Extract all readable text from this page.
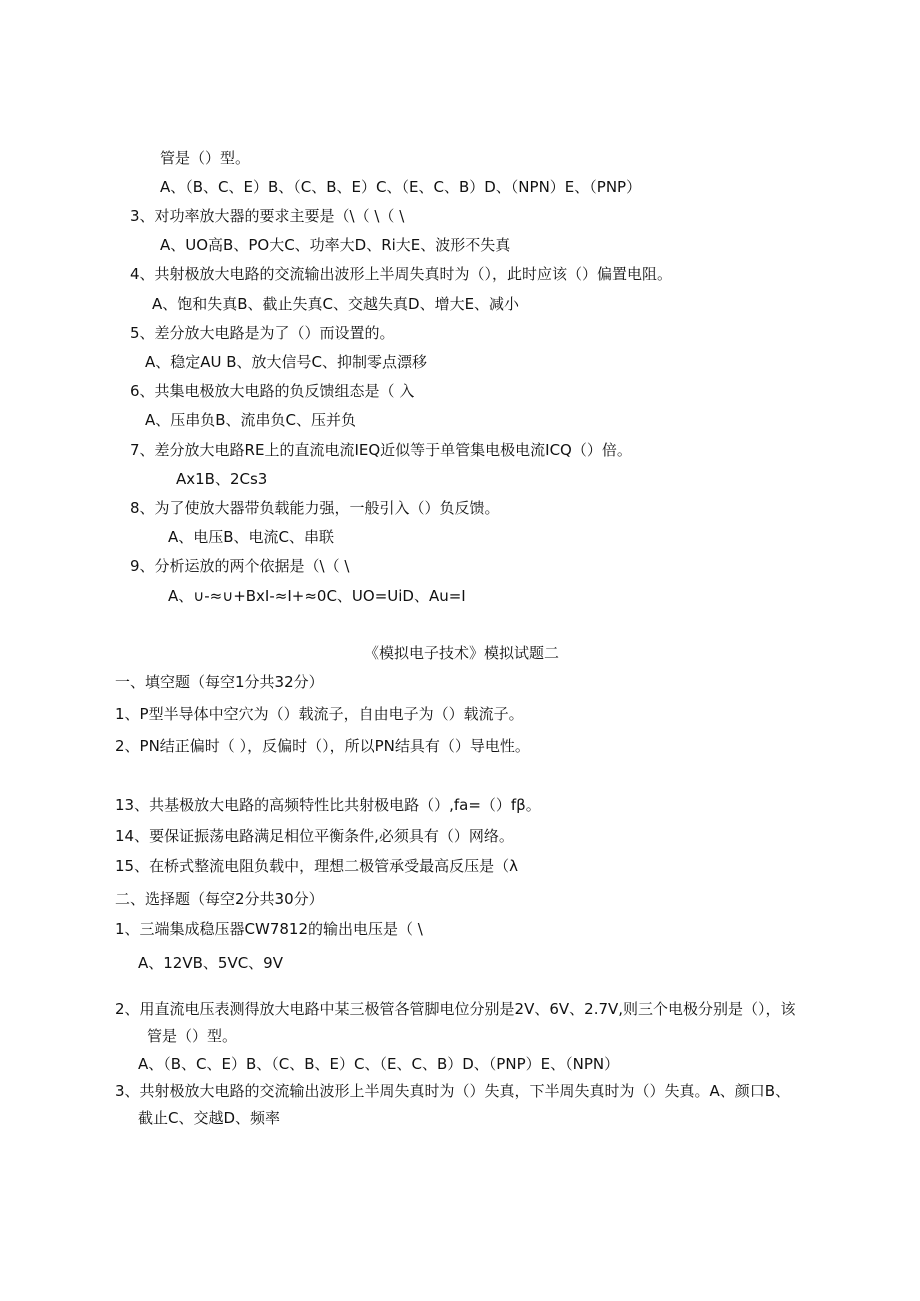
管是（）型。
A、（B、C、E）B、（C、B、E）C、（E、C、B）D、（NPN）E、（PNP）
3、对功率放大器的要求主要是（\（ \（ \
A、UO高B、PO大C、功率大D、Ri大E、波形不失真
4、共射极放大电路的交流输出波形上半周失真时为（），此时应该（）偏置电阻。
A、饱和失真B、截止失真C、交越失真D、增大E、减小
5、差分放大电路是为了（）而设置的。
A、稳定AU B、放大信号C、抑制零点漂移
6、共集电极放大电路的负反馈组态是（ 入
A、压串负B、流串负C、压并负
7、差分放大电路RE上的直流电流IEQ近似等于单管集电极电流ICQ（）倍。
Ax1B、2Cs3
8、为了使放大器带负载能力强，一般引入（）负反馈。
A、电压B、电流C、串联
9、分析运放的两个依据是（\（ \
A、∪-≈∪+BxI-≈I+≈0C、UO=UiD、Au=I
《模拟电子技术》模拟试题二
一、填空题（每空1分共32分）
1、P型半导体中空穴为（）载流子，自由电子为（）载流子。
2、PN结正偏时（ ），反偏时（），所以PN结具有（）导电性。
13、共基极放大电路的高频特性比共射极电路（）,fa=（）fβ。
14、要保证振荡电路满足相位平衡条件,必须具有（）网络。
15、在桥式整流电阻负载中，理想二极管承受最高反压是（λ
二、选择题（每空2分共30分）
1、三端集成稳压器CW7812的输出电压是（ \
A、12VB、5VC、9V
2、用直流电压表测得放大电路中某三极管各管脚电位分别是2V、6V、2.7V,则三个电极分别是（），该
管是（）型。
A、（B、C、E）B、（C、B、E）C、（E、C、B）D、（PNP）E、（NPN）
3、共射极放大电路的交流输出波形上半周失真时为（）失真，下半周失真时为（）失真。A、颜口B、
截止C、交越D、频率
